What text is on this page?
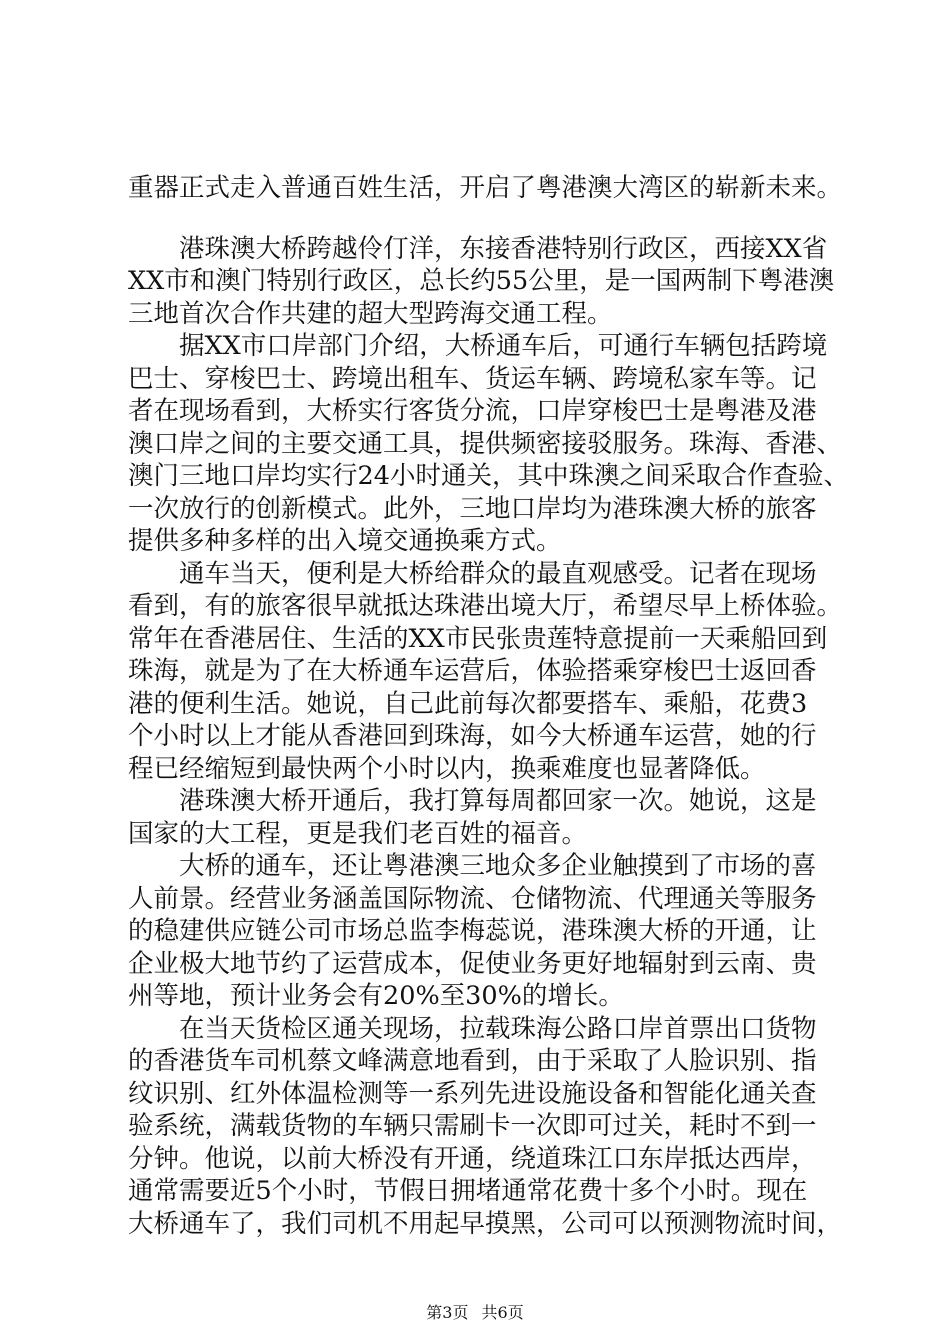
重器正式走入普通百姓生活，开启了粤港澳大湾区的崭新未来。
　　港珠澳大桥跨越伶仃洋，东接香港特别行政区，西接XX省
XX市和澳门特别行政区，总长约55公里，是一国两制下粤港澳
三地首次合作共建的超大型跨海交通工程。
　　据XX市口岸部门介绍，大桥通车后，可通行车辆包括跨境
巴士、穿梭巴士、跨境出租车、货运车辆、跨境私家车等。记
者在现场看到，大桥实行客货分流，口岸穿梭巴士是粤港及港
澳口岸之间的主要交通工具，提供频密接驳服务。珠海、香港、
澳门三地口岸均实行24小时通关，其中珠澳之间采取合作查验、
一次放行的创新模式。此外，三地口岸均为港珠澳大桥的旅客
提供多种多样的出入境交通换乘方式。
　　通车当天，便利是大桥给群众的最直观感受。记者在现场
看到，有的旅客很早就抵达珠港出境大厅，希望尽早上桥体验。
常年在香港居住、生活的XX市民张贵莲特意提前一天乘船回到
珠海，就是为了在大桥通车运营后，体验搭乘穿梭巴士返回香
港的便利生活。她说，自己此前每次都要搭车、乘船，花费3
个小时以上才能从香港回到珠海，如今大桥通车运营，她的行
程已经缩短到最快两个小时以内，换乘难度也显著降低。
　　港珠澳大桥开通后，我打算每周都回家一次。她说，这是
国家的大工程，更是我们老百姓的福音。
　　大桥的通车，还让粤港澳三地众多企业触摸到了市场的喜
人前景。经营业务涵盖国际物流、仓储物流、代理通关等服务
的稳建供应链公司市场总监李梅蕊说，港珠澳大桥的开通，让
企业极大地节约了运营成本，促使业务更好地辐射到云南、贵
州等地，预计业务会有20%至30%的增长。
　　在当天货检区通关现场，拉载珠海公路口岸首票出口货物
的香港货车司机蔡文峰满意地看到，由于采取了人脸识别、指
纹识别、红外体温检测等一系列先进设施设备和智能化通关查
验系统，满载货物的车辆只需刷卡一次即可过关，耗时不到一
分钟。他说，以前大桥没有开通，绕道珠江口东岸抵达西岸，
通常需要近5个小时，节假日拥堵通常花费十多个小时。现在
大桥通车了，我们司机不用起早摸黑，公司可以预测物流时间，
第3页 共6页
